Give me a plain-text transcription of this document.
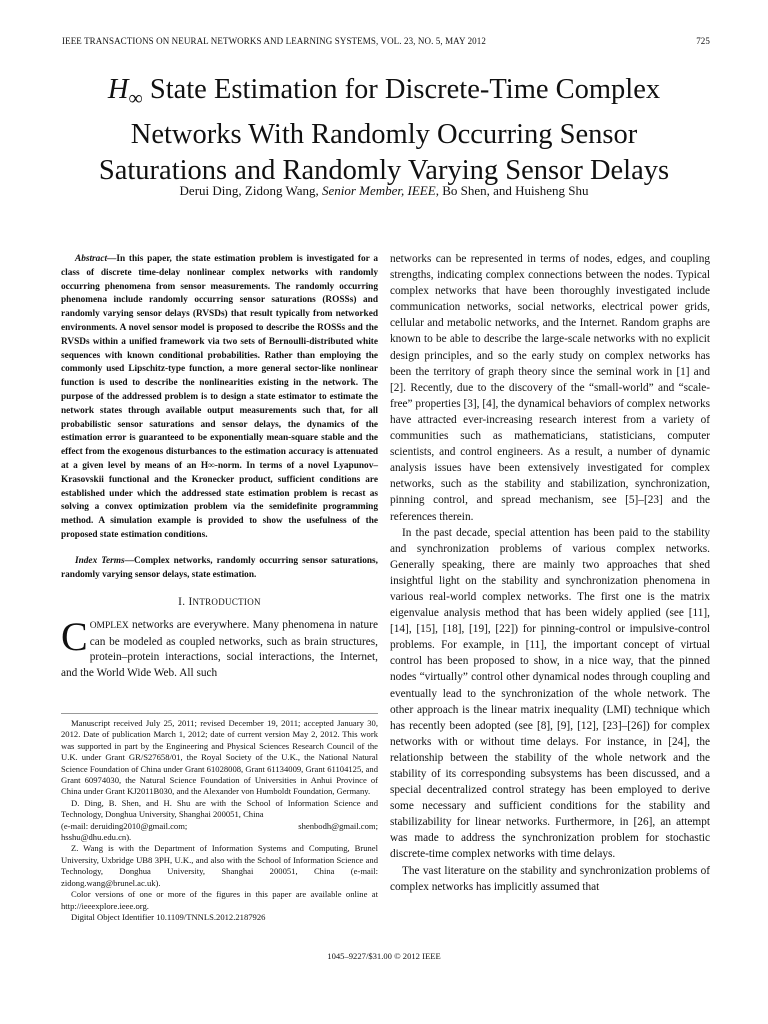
IEEE TRANSACTIONS ON NEURAL NETWORKS AND LEARNING SYSTEMS, VOL. 23, NO. 5, MAY 2012	725
$H_\infty$ State Estimation for Discrete-Time Complex
Networks With Randomly Occurring Sensor
Saturations and Randomly Varying Sensor Delays
Derui Ding, Zidong Wang, Senior Member, IEEE, Bo Shen, and Huisheng Shu

Abstract—In this paper, the state estimation problem is investigated for a class of discrete time-delay nonlinear complex networks with randomly occurring phenomena from sensor measurements. The randomly occurring phenomena include randomly occurring sensor saturations (ROSSs) and randomly varying sensor delays (RVSDs) that result typically from networked environments. A novel sensor model is proposed to describe the ROSSs and the RVSDs within a unified framework via two sets of Bernoulli-distributed white sequences with known conditional probabilities. Rather than employing the commonly used Lipschitz-type function, a more general sector-like nonlinear function is used to describe the nonlinearities existing in the network. The purpose of the addressed problem is to design a state estimator to estimate the network states through available output measurements such that, for all probabilistic sensor saturations and sensor delays, the dynamics of the estimation error is guaranteed to be exponentially mean-square stable and the effect from the exogenous disturbances to the estimation accuracy is attenuated at a given level by means of an H∞-norm. In terms of a novel Lyapunov–Krasovskii functional and the Kronecker product, sufficient conditions are established under which the addressed state estimation problem is recast as solving a convex optimization problem via the semidefinite programming method. A simulation example is provided to show the usefulness of the proposed state estimation conditions.

Index Terms—Complex networks, randomly occurring sensor saturations, randomly varying sensor delays, state estimation.

I. INTRODUCTION

COMPLEX networks are everywhere. Many phenomena in nature can be modeled as coupled networks, such as brain structures, protein–protein interactions, social interactions, the Internet, and the World Wide Web. All such

Manuscript received July 25, 2011; revised December 19, 2011; accepted January 30, 2012. Date of publication March 1, 2012; date of current version May 2, 2012. This work was supported in part by the Engineering and Physical Sciences Research Council of the U.K. under Grant GR/S27658/01, the Royal Society of the U.K., the National Natural Science Foundation of China under Grant 61028008, Grant 61134009, Grant 61104125, and Grant 60974030, the Natural Science Foundation of Universities in Anhui Province of China under Grant KJ2011B030, and the Alexander von Humboldt Foundation, Germany.

D. Ding, B. Shen, and H. Shu are with the School of Information Science and Technology, Donghua University, Shanghai 200051, China

(e-mail: deruiding2010@gmail.com;	shenbodh@gmail.com;
hsshu@dhu.edu.cn).

Z. Wang is with the Department of Information Systems and Computing, Brunel University, Uxbridge UB8 3PH, U.K., and also with the School of Information Science and Technology, Donghua University, Shanghai 200051, China (e-mail: zidong.wang@brunel.ac.uk).

Color versions of one or more of the figures in this paper are available online at http://ieeexplore.ieee.org.

Digital Object Identifier 10.1109/TNNLS.2012.2187926

networks can be represented in terms of nodes, edges, and coupling strengths, indicating complex connections between the nodes. Typical complex networks that have been thoroughly investigated include communication networks, social networks, electrical power grids, cellular and metabolic networks, and the Internet. Random graphs are known to be able to describe the large-scale networks with no explicit design principles, and so the early study on complex networks has been the territory of graph theory since the seminal work in [1] and [2]. Recently, due to the discovery of the “small-world” and “scale-free” properties [3], [4], the dynamical behaviors of complex networks have attracted ever-increasing research interest from a variety of communities such as mathematicians, statisticians, computer scientists, and control engineers. As a result, a number of dynamic analysis issues have been extensively investigated for complex networks, such as the stability and stabilization, synchronization, pinning control, and spread mechanism, see [5]–[23] and the references therein.

In the past decade, special attention has been paid to the stability and synchronization problems of various complex networks. Generally speaking, there are mainly two approaches that shed insightful light on the stability and synchronization phenomena in various real-world complex networks. The first one is the matrix eigenvalue analysis method that has been widely applied (see [11], [14], [15], [18], [19], [22]) for pinning-control or impulsive-control problems. For example, in [11], the important concept of virtual control has been proposed to show, in a nice way, that the pinned nodes “virtually” control other dynamical nodes through coupling and eventually lead to the synchronization of the whole network. The other approach is the linear matrix inequality (LMI) technique which has recently been adopted (see [8], [9], [12], [23]–[26]) for complex networks with or without time delays. For instance, in [24], the relationship between the stability of the whole network and the stability of its corresponding subsystems has been discussed, and a special decentralized control strategy has been employed to derive some necessary and sufficient conditions for the stability and stabilizability for linear networks. Furthermore, in [26], an attempt was made to address the synchronization problem for stochastic discrete-time complex networks with time delays.

The vast literature on the stability and synchronization problems of complex networks has implicitly assumed that

1045–9227/$31.00 © 2012 IEEE
